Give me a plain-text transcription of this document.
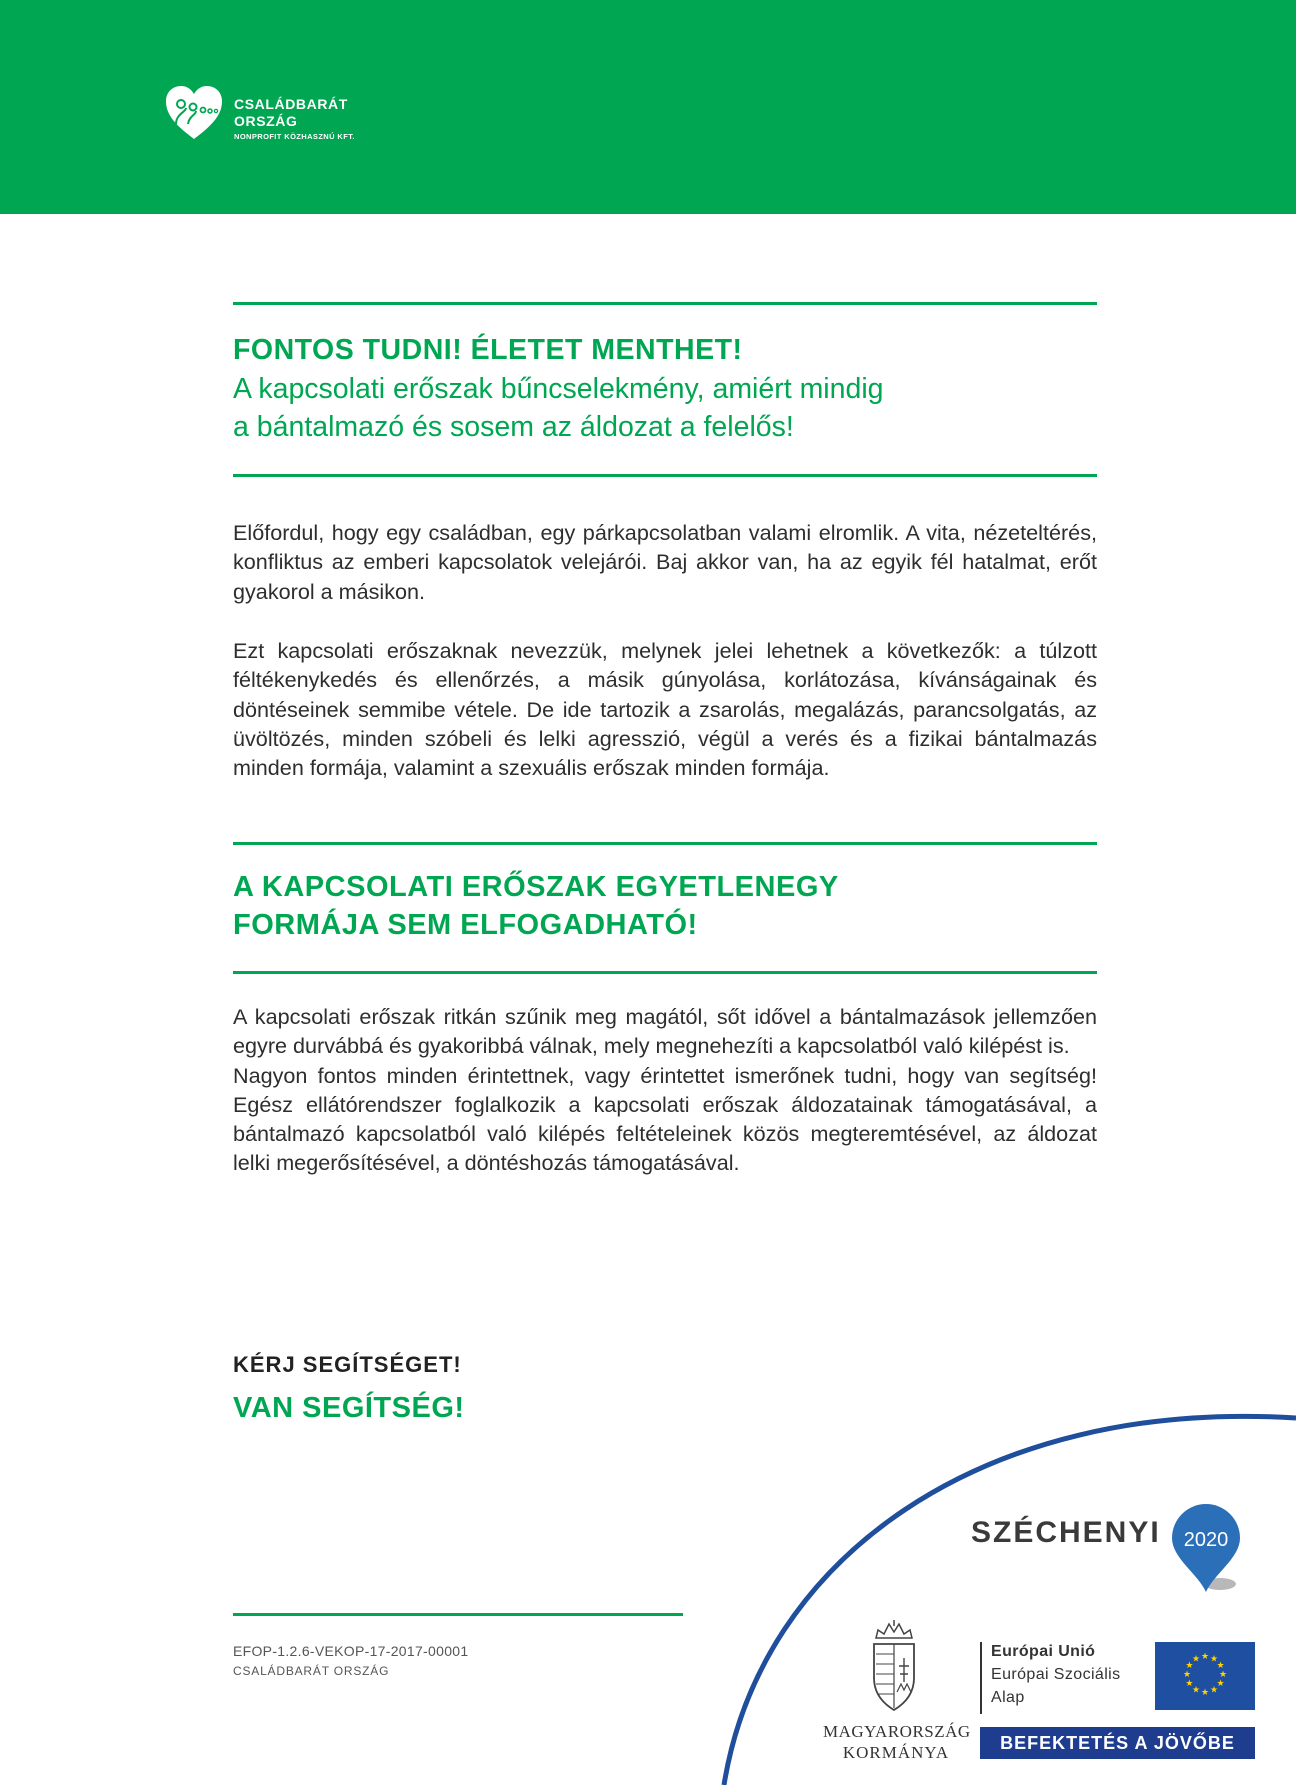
CSALÁDBARÁT
ORSZÁG
NONPROFIT KÖZHASZNÚ KFT.
FONTOS TUDNI! ÉLETET MENTHET!
A kapcsolati erőszak bűncselekmény, amiért mindig
a bántalmazó és sosem az áldozat a felelős!

Előfordul, hogy egy családban, egy párkapcsolatban valami elromlik. A vita, nézeteltérés, konfliktus az emberi kapcsolatok velejárói. Baj akkor van, ha az egyik fél hatalmat, erőt gyakorol a másikon.

Ezt kapcsolati erőszaknak nevezzük, melynek jelei lehetnek a következők: a túlzott féltékenykedés és ellenőrzés, a másik gúnyolása, korlátozása, kívánságainak és döntéseinek semmibe vétele. De ide tartozik a zsarolás, megalázás, parancsolgatás, az üvöltözés, minden szóbeli és lelki agresszió, végül a verés és a fizikai bántalmazás minden formája, valamint a szexuális erőszak minden formája.

A KAPCSOLATI ERŐSZAK EGYETLENEGY
FORMÁJA SEM ELFOGADHATÓ!
A kapcsolati erőszak ritkán szűnik meg magától, sőt idővel a bántalmazások jellemzően egyre durvábbá és gyakoribbá válnak, mely megnehezíti a kapcsolatból való kilépést is.
Nagyon fontos minden érintettnek, vagy érintettet ismerőnek tudni, hogy van segítség! Egész ellátórendszer foglalkozik a kapcsolati erőszak áldozatainak támogatásával, a bántalmazó kapcsolatból való kilépés feltételeinek közös megteremtésével, az áldozat lelki megerősítésével, a döntéshozás támogatásával.
KÉRJ SEGÍTSÉGET!
VAN SEGÍTSÉG!
EFOP-1.2.6-VEKOP-17-2017-00001
CSALÁDBARÁT ORSZÁG
SZÉCHENYI 2020
MAGYARORSZÁG
KORMÁNYA
Európai Unió
Európai Szociális
Alap
★ ★
★
★
★
★
★
★
★
★
★
★
BEFEKTETÉS A JÖVŐBE
